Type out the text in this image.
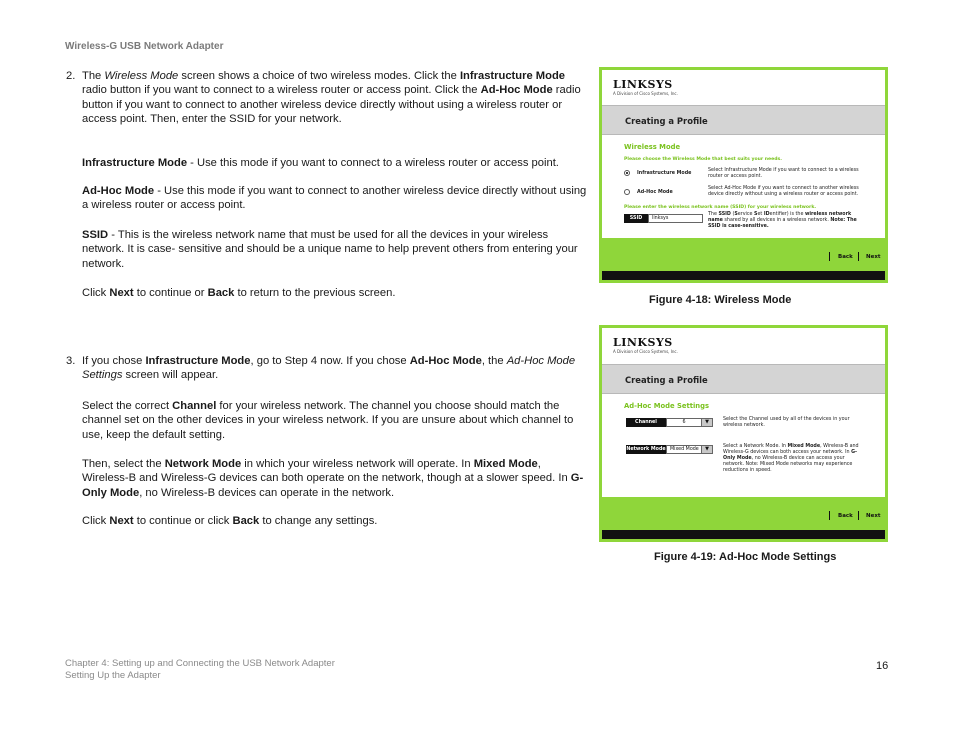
Wireless-G USB Network Adapter
2. The Wireless Mode screen shows a choice of two wireless modes. Click the Infrastructure Mode radio button if you want to connect to a wireless router or access point. Click the Ad-Hoc Mode radio button if you want to connect to another wireless device directly without using a wireless router or access point. Then, enter the SSID for your network.
Infrastructure Mode - Use this mode if you want to connect to a wireless router or access point.
Ad-Hoc Mode - Use this mode if you want to connect to another wireless device directly without using a wireless router or access point.
SSID - This is the wireless network name that must be used for all the devices in your wireless network. It is case- sensitive and should be a unique name to help prevent others from entering your network.
Click Next to continue or Back to return to the previous screen.
3. If you chose Infrastructure Mode, go to Step 4 now. If you chose Ad-Hoc Mode, the Ad-Hoc Mode Settings screen will appear.
Select the correct Channel for your wireless network. The channel you choose should match the channel set on the other devices in your wireless network. If you are unsure about which channel to use, keep the default setting.
Then, select the Network Mode in which your wireless network will operate. In Mixed Mode, Wireless-B and Wireless-G devices can both operate on the network, though at a slower speed. In G-Only Mode, no Wireless-B devices can operate in the network.
Click Next to continue or click Back to change any settings.
LINKSYS
A Division of Cisco Systems, Inc.
Creating a Profile
Wireless Mode
Please choose the Wireless Mode that best suits your needs.
Infrastructure Mode
Select Infrastructure Mode if you want to connect to a wireless router or access point.
Ad-Hoc Mode
Select Ad-Hoc Mode if you want to connect to another wireless device directly without using a wireless router or access point.
Please enter the wireless network name (SSID) for your wireless network.
SSID	linksys
The SSID (Service Set IDentifier) is the wireless network name shared by all devices in a wireless network. Note: The SSID is case-sensitive.
Back Next
Figure 4-18: Wireless Mode
LINKSYS
A Division of Cisco Systems, Inc.
Creating a Profile
Ad-Hoc Mode Settings
Channel	6	▼	Select the Channel used by all of the devices in your wireless network.
Network Mode Mixed Mode	▼	Select a Network Mode. In Mixed Mode, Wireless-B and Wireless-G devices can both access your network. In G-Only Mode, no Wireless-B device can access your network. Note: Mixed Mode networks may experience reductions in speed.
Back Next
Figure 4-19: Ad-Hoc Mode Settings
Chapter 4: Setting up and Connecting the USB Network Adapter
Setting Up the Adapter
16
